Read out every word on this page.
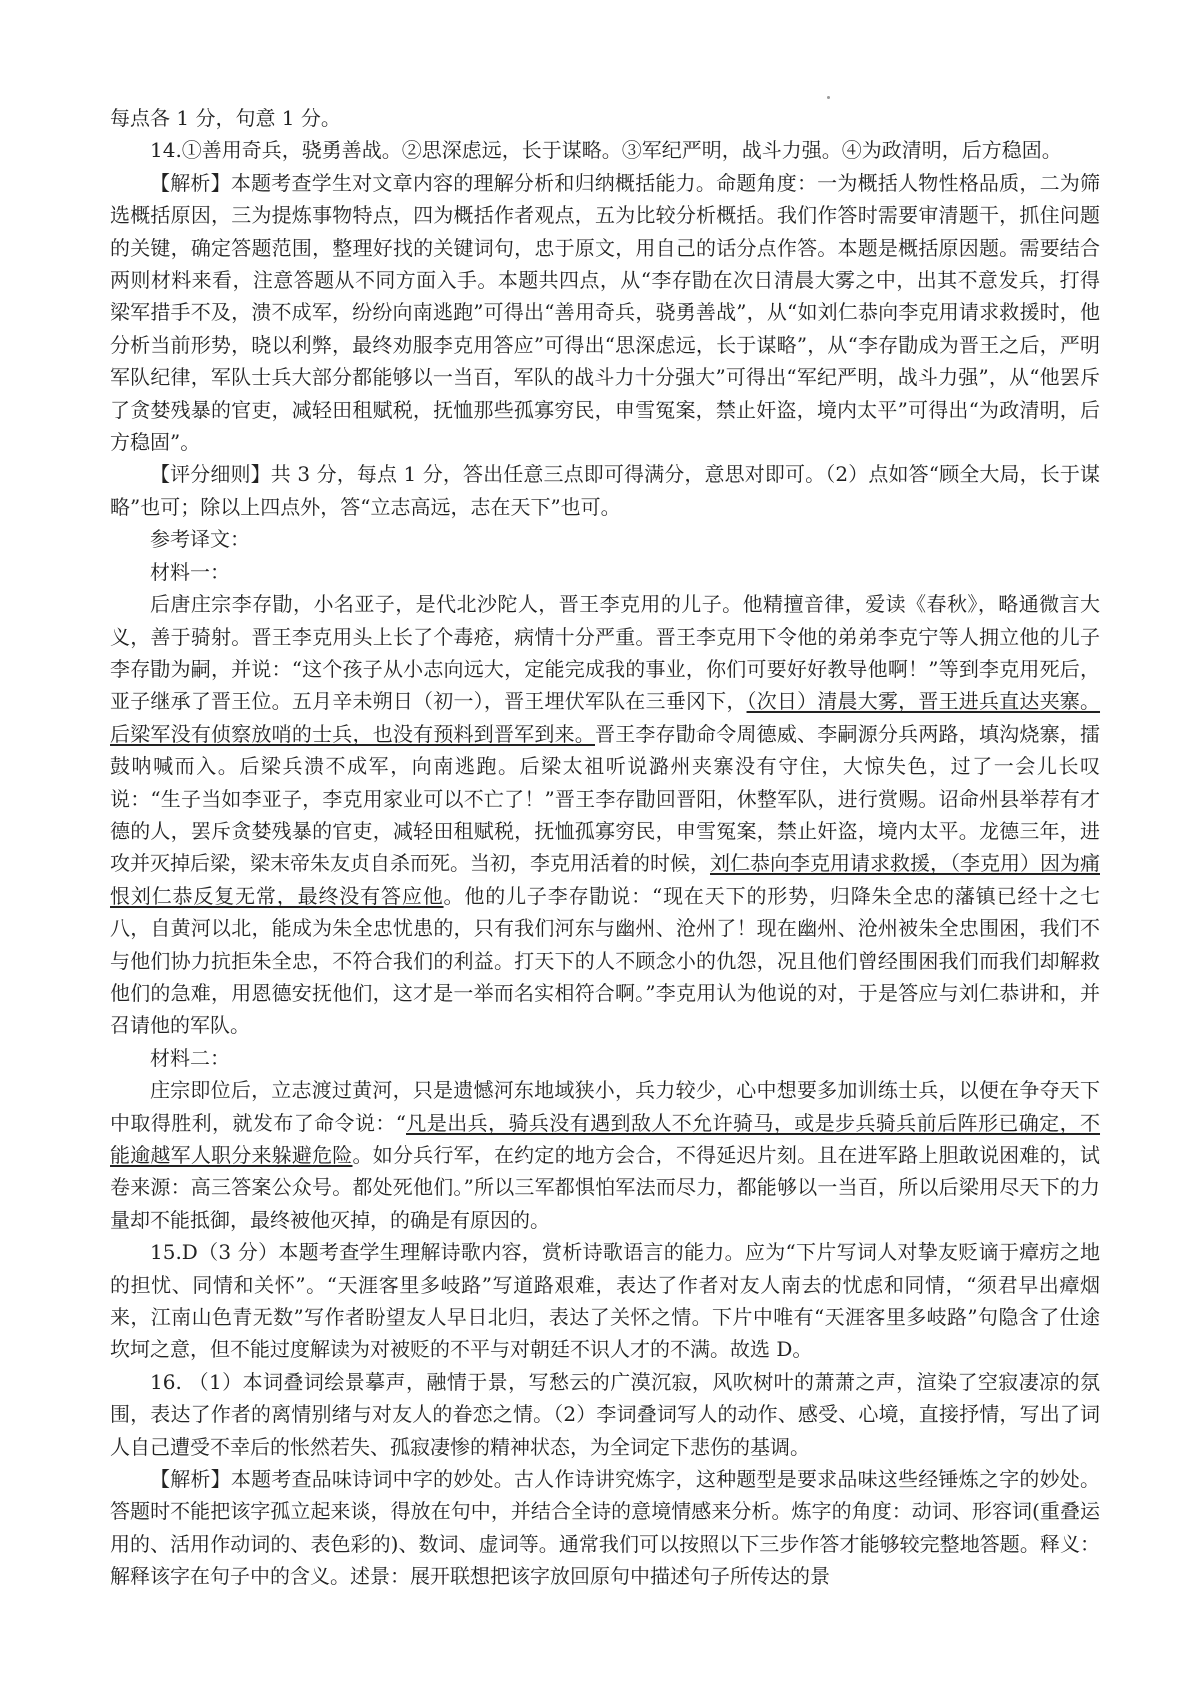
每点各 1 分，句意 1 分。

14.①善用奇兵，骁勇善战。②思深虑远，长于谋略。③军纪严明，战斗力强。④为政清明，后方稳固。

【解析】本题考查学生对文章内容的理解分析和归纳概括能力。命题角度：一为概括人物性格品质，二为筛选概括原因，三为提炼事物特点，四为概括作者观点，五为比较分析概括。我们作答时需要审清题干，抓住问题的关键，确定答题范围，整理好找的关键词句，忠于原文，用自己的话分点作答。本题是概括原因题。需要结合两则材料来看，注意答题从不同方面入手。本题共四点，从“李存勖在次日清晨大雾之中，出其不意发兵，打得梁军措手不及，溃不成军，纷纷向南逃跑”可得出“善用奇兵，骁勇善战”，从“如刘仁恭向李克用请求救援时，他分析当前形势，晓以利弊，最终劝服李克用答应”可得出“思深虑远，长于谋略”，从“李存勖成为晋王之后，严明军队纪律，军队士兵大部分都能够以一当百，军队的战斗力十分强大”可得出“军纪严明，战斗力强”，从“他罢斥了贪婪残暴的官吏，减轻田租赋税，抚恤那些孤寡穷民，申雪冤案，禁止奸盗，境内太平”可得出“为政清明，后方稳固”。

【评分细则】共 3 分，每点 1 分，答出任意三点即可得满分，意思对即可。（2）点如答“顾全大局，长于谋略”也可；除以上四点外，答“立志高远，志在天下”也可。

参考译文：

材料一：

后唐庄宗李存勖，小名亚子，是代北沙陀人，晋王李克用的儿子。他精擅音律，爱读《春秋》，略通微言大义，善于骑射。晋王李克用头上长了个毒疮，病情十分严重。晋王李克用下令他的弟弟李克宁等人拥立他的儿子李存勖为嗣，并说：“这个孩子从小志向远大，定能完成我的事业，你们可要好好教导他啊！”等到李克用死后，亚子继承了晋王位。五月辛未朔日（初一），晋王埋伏军队在三垂冈下，（次日）清晨大雾，晋王进兵直达夹寨。后梁军没有侦察放哨的士兵，也没有预料到晋军到来。晋王李存勖命令周德威、李嗣源分兵两路，填沟烧寨，擂鼓呐喊而入。后梁兵溃不成军，向南逃跑。后梁太祖听说潞州夹寨没有守住，大惊失色，过了一会儿长叹说：“生子当如李亚子，李克用家业可以不亡了！”晋王李存勖回晋阳，休整军队，进行赏赐。诏命州县举荐有才德的人，罢斥贪婪残暴的官吏，减轻田租赋税，抚恤孤寡穷民，申雪冤案，禁止奸盗，境内太平。龙德三年，进攻并灭掉后梁，梁末帝朱友贞自杀而死。当初，李克用活着的时候，刘仁恭向李克用请求救援，（李克用）因为痛恨刘仁恭反复无常，最终没有答应他。他的儿子李存勖说：“现在天下的形势，归降朱全忠的藩镇已经十之七八，自黄河以北，能成为朱全忠忧患的，只有我们河东与幽州、沧州了！现在幽州、沧州被朱全忠围困，我们不与他们协力抗拒朱全忠，不符合我们的利益。打天下的人不顾念小的仇怨，况且他们曾经围困我们而我们却解救他们的急难，用恩德安抚他们，这才是一举而名实相符合啊。”李克用认为他说的对，于是答应与刘仁恭讲和，并召请他的军队。

材料二：

庄宗即位后，立志渡过黄河，只是遗憾河东地域狭小，兵力较少，心中想要多加训练士兵，以便在争夺天下中取得胜利，就发布了命令说：“凡是出兵，骑兵没有遇到敌人不允许骑马，或是步兵骑兵前后阵形已确定，不能逾越军人职分来躲避危险。如分兵行军，在约定的地方会合，不得延迟片刻。且在进军路上胆敢说困难的，试卷来源：高三答案公众号。都处死他们。”所以三军都惧怕军法而尽力，都能够以一当百，所以后梁用尽天下的力量却不能抵御，最终被他灭掉，的确是有原因的。

15.D（3 分）本题考查学生理解诗歌内容，赏析诗歌语言的能力。应为“下片写词人对挚友贬谪于瘴疠之地的担忧、同情和关怀”。“天涯客里多岐路”写道路艰难，表达了作者对友人南去的忧虑和同情，“须君早出瘴烟来，江南山色青无数”写作者盼望友人早日北归，表达了关怀之情。下片中唯有“天涯客里多岐路”句隐含了仕途坎坷之意，但不能过度解读为对被贬的不平与对朝廷不识人才的不满。故选 D。

16. （1）本词叠词绘景摹声，融情于景，写愁云的广漠沉寂，风吹树叶的萧萧之声，渲染了空寂凄凉的氛围，表达了作者的离情别绪与对友人的眷恋之情。（2）李词叠词写人的动作、感受、心境，直接抒情，写出了词人自己遭受不幸后的怅然若失、孤寂凄惨的精神状态，为全词定下悲伤的基调。

【解析】本题考查品味诗词中字的妙处。古人作诗讲究炼字，这种题型是要求品味这些经锤炼之字的妙处。答题时不能把该字孤立起来谈，得放在句中，并结合全诗的意境情感来分析。炼字的角度：动词、形容词(重叠运用的、活用作动词的、表色彩的)、数词、虚词等。通常我们可以按照以下三步作答才能够较完整地答题。释义：解释该字在句子中的含义。述景：展开联想把该字放回原句中描述句子所传达的景
